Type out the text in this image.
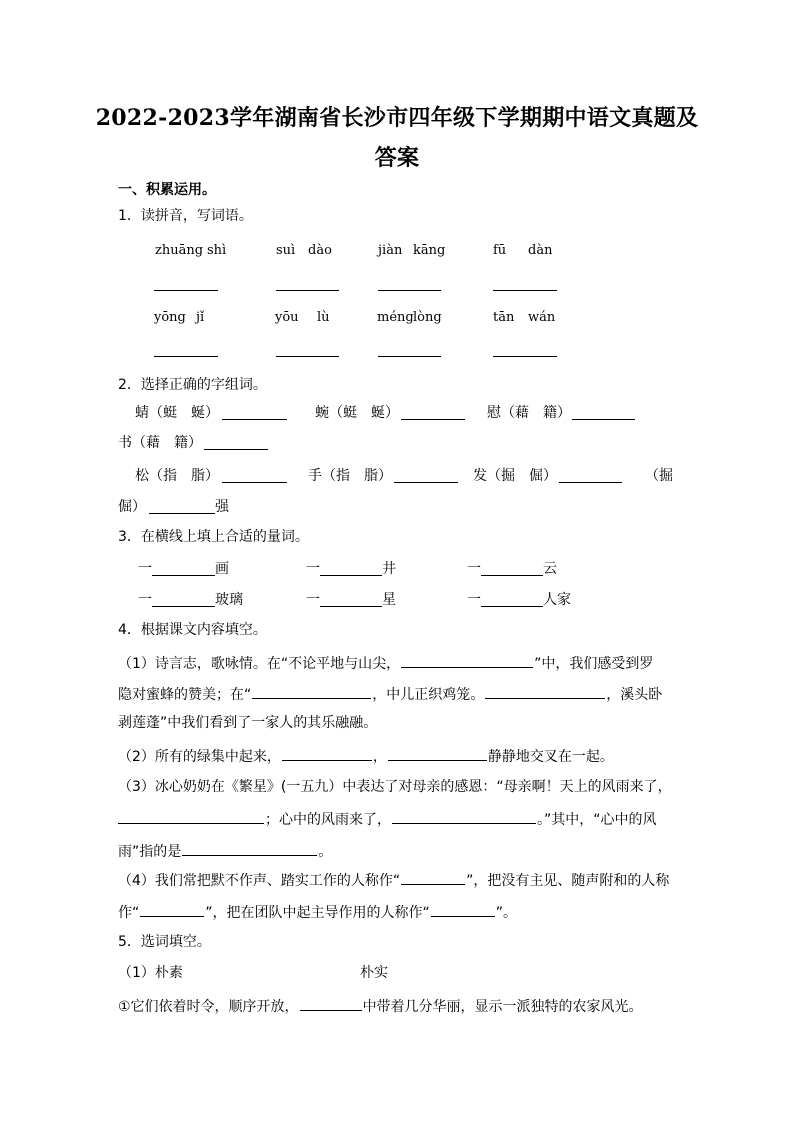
2022-2023学年湖南省长沙市四年级下学期期中语文真题及
答案
一、积累运用。
1．读拼音，写词语。
zhuāng shì	suì dào	jiàn kāng	fū dàn
yōng jǐ	yōu lù	méng lòng	tān wán
2．选择正确的字组词。
蜻（蜓　蜒）	蜿（蜓　蜒）	慰（藉　籍）
书（藉　籍）
松（指　脂）	手（指　脂）	发（掘　倔）	（掘
倔）	强
3．在横线上填上合适的量词。
一	画	一	井	一	云
一	玻璃	一	星	一	人家
4．根据课文内容填空。
（1）诗言志，歌咏情。在“不论平地与山尖，	”中，我们感受到罗
隐对蜜蜂的赞美；在“	，中儿正织鸡笼。	，溪头卧
剥莲蓬”中我们看到了一家人的其乐融融。
（2）所有的绿集中起来，	，	静静地交叉在一起。
（3）冰心奶奶在《繁星》(一五九）中表达了对母亲的感恩：“母亲啊！天上的风雨来了，
；心中的风雨来了，	。”其中，“心中的风
雨”指的是	。
（4）我们常把默不作声、踏实工作的人称作“	”，把没有主见、随声附和的人称
作“	”，把在团队中起主导作用的人称作“	”。
5．选词填空。
（1）朴素	朴实
①它们依着时令，顺序开放，	中带着几分华丽，显示一派独特的农家风光。
